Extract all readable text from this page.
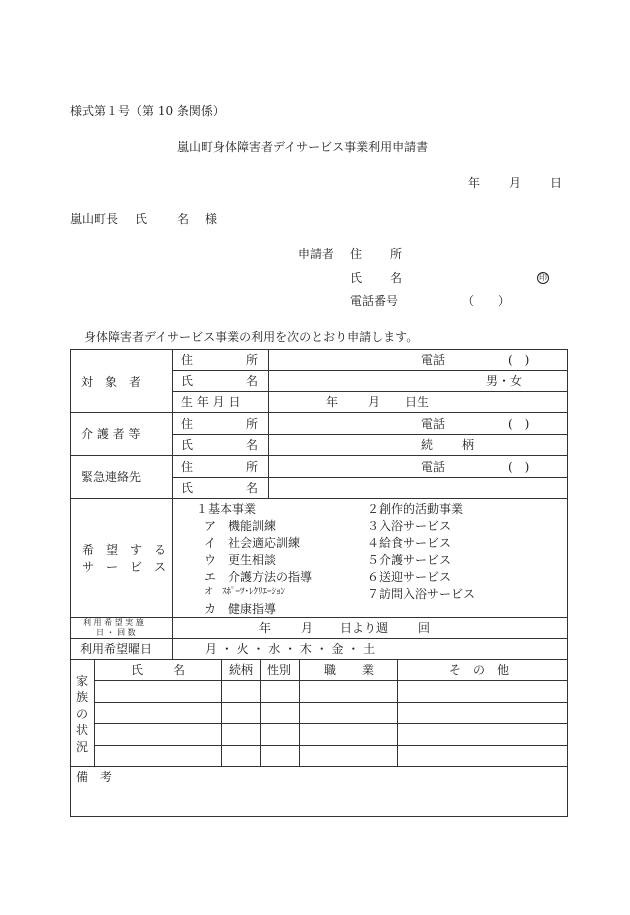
様式第１号（第 10 条関係）
嵐山町身体障害者デイサービス事業利用申請書
年 月 日
嵐山町長 氏 名 様
申請者 住 所
氏 名	印
電話番号	（　　）
身体障害者デイサービス事業の利用を次のとおり申請します。
対　象　者
住	所	電話	(　)
氏	名	男・女
生 年 月 日	年 月 日生
介 護 者 等
住	所	電話	(　)
氏	名	続 柄
緊急連絡先
住	所	電話	(　)
氏	名
希　望　す　る
サ　ー　ビ　ス
１基本事業
ア　機能訓練
イ　社会適応訓練
ウ　更生相談
エ　介護方法の指導
オ　ｽﾎﾟｰﾂ･ﾚｸﾘｴｰｼｮﾝ
カ　健康指導
２創作的活動事業
３入浴サービス
４給食サービス
５介護サービス
６送迎サービス
７訪問入浴サービス
利 用 希 望 実 施
日 ・ 回 数	年 月 日より週 回
利用希望曜日	月 ・ 火 ・ 水 ・ 木 ・ 金 ・ 土
家
族
の
状
況
氏 名	続柄 性別	職 業	そ　の　他
備　考
